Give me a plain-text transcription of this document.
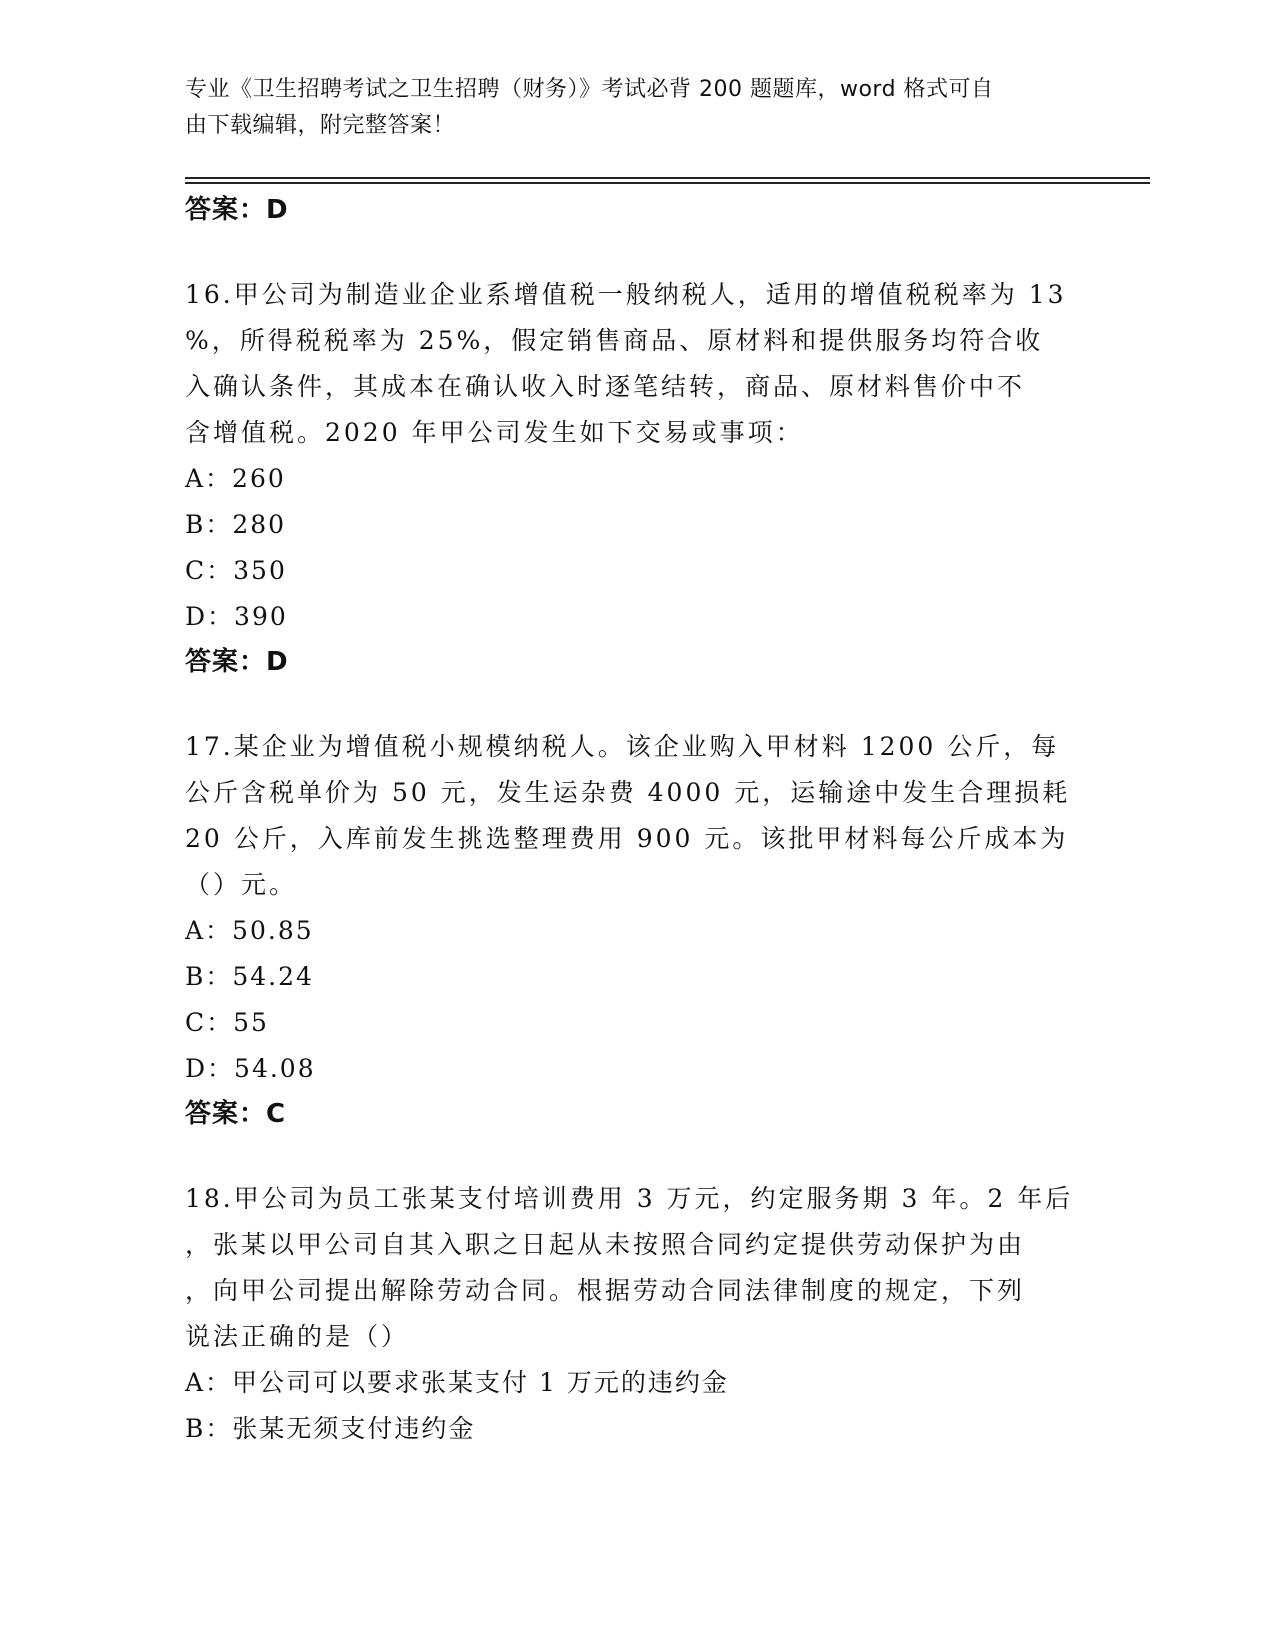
专业《卫生招聘考试之卫生招聘（财务）》考试必背 200 题题库，word 格式可自
由下载编辑，附完整答案！
答案：D
16.甲公司为制造业企业系增值税一般纳税人，适用的增值税税率为 13
%，所得税税率为 25%，假定销售商品、原材料和提供服务均符合收
入确认条件，其成本在确认收入时逐笔结转，商品、原材料售价中不
含增值税。2020 年甲公司发生如下交易或事项：
A：260
B：280
C：350
D：390
答案：D
17.某企业为增值税小规模纳税人。该企业购入甲材料 1200 公斤，每
公斤含税单价为 50 元，发生运杂费 4000 元，运输途中发生合理损耗
20 公斤，入库前发生挑选整理费用 900 元。该批甲材料每公斤成本为
（）元。
A：50.85
B：54.24
C：55
D：54.08
答案：C
18.甲公司为员工张某支付培训费用 3 万元，约定服务期 3 年。2 年后
，张某以甲公司自其入职之日起从未按照合同约定提供劳动保护为由
，向甲公司提出解除劳动合同。根据劳动合同法律制度的规定，下列
说法正确的是（）
A：甲公司可以要求张某支付 1 万元的违约金
B：张某无须支付违约金
